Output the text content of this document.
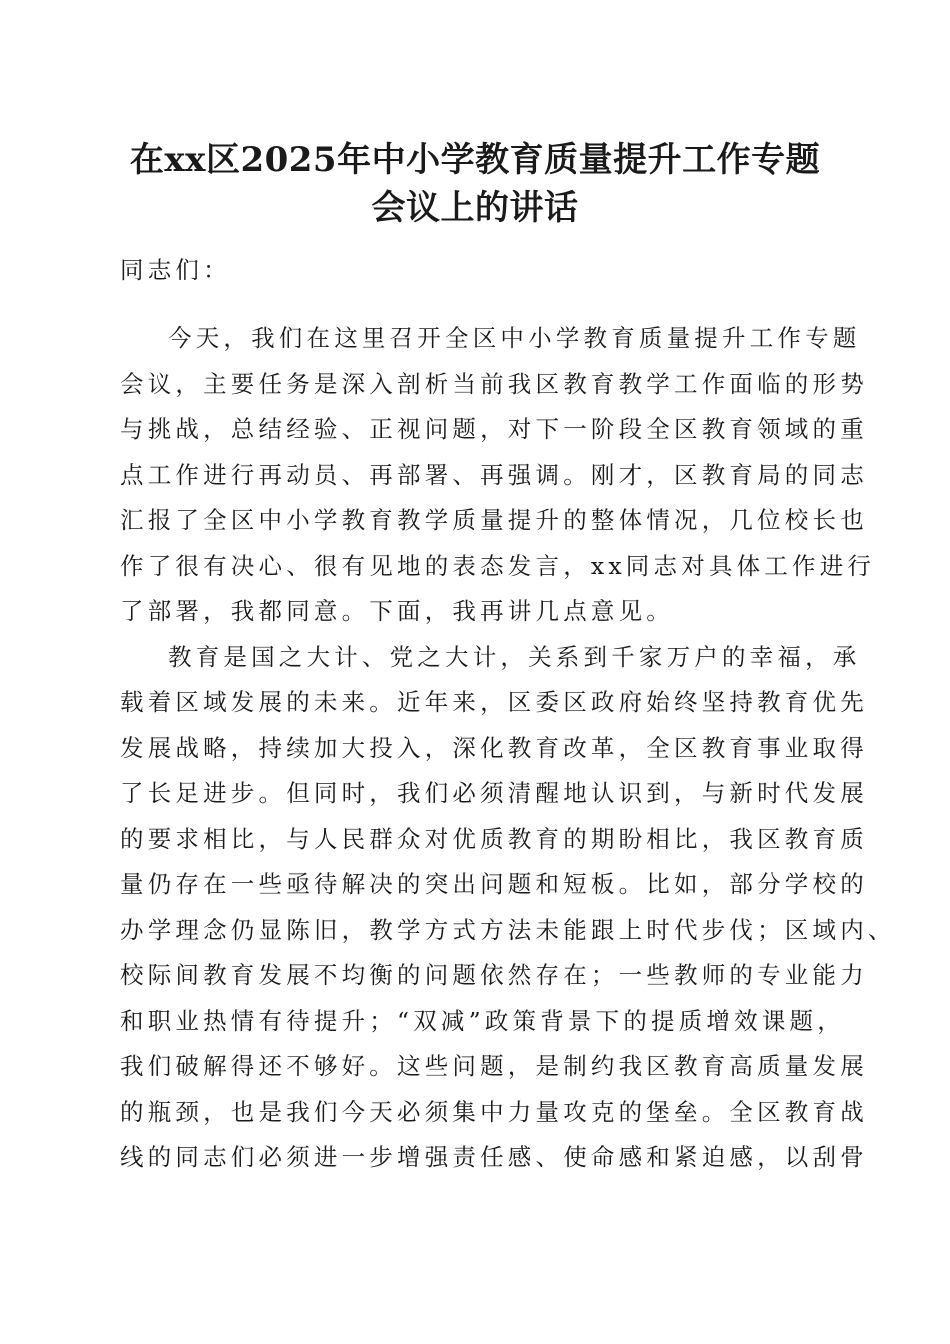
在xx区2025年中小学教育质量提升工作专题
会议上的讲话
同志们：
今天，我们在这里召开全区中小学教育质量提升工作专题
会议，主要任务是深入剖析当前我区教育教学工作面临的形势
与挑战，总结经验、正视问题，对下一阶段全区教育领域的重
点工作进行再动员、再部署、再强调。刚才，区教育局的同志
汇报了全区中小学教育教学质量提升的整体情况，几位校长也
作了很有决心、很有见地的表态发言，xx同志对具体工作进行
了部署，我都同意。下面，我再讲几点意见。
教育是国之大计、党之大计，关系到千家万户的幸福，承
载着区域发展的未来。近年来，区委区政府始终坚持教育优先
发展战略，持续加大投入，深化教育改革，全区教育事业取得
了长足进步。但同时，我们必须清醒地认识到，与新时代发展
的要求相比，与人民群众对优质教育的期盼相比，我区教育质
量仍存在一些亟待解决的突出问题和短板。比如，部分学校的
办学理念仍显陈旧，教学方式方法未能跟上时代步伐；区域内、
校际间教育发展不均衡的问题依然存在；一些教师的专业能力
和职业热情有待提升；“双减”政策背景下的提质增效课题，
我们破解得还不够好。这些问题，是制约我区教育高质量发展
的瓶颈，也是我们今天必须集中力量攻克的堡垒。全区教育战
线的同志们必须进一步增强责任感、使命感和紧迫感，以刮骨
